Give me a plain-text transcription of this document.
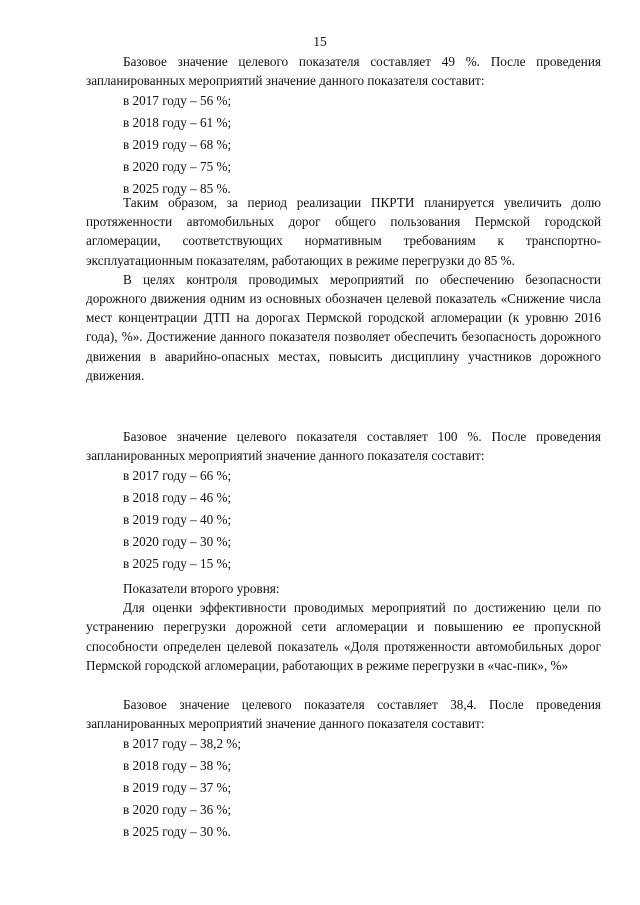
15

Базовое значение целевого показателя составляет 49 %. После проведения запланированных мероприятий значение данного показателя составит:

в 2017 году – 56 %;

в 2018 году – 61 %;

в 2019 году – 68 %;

в 2020 году – 75 %;

в 2025 году – 85 %.

Таким образом, за период реализации ПКРТИ планируется увеличить долю протяженности автомобильных дорог общего пользования Пермской городской агломерации, соответствующих нормативным требованиям к транспортно-эксплуатационным показателям, работающих в режиме перегрузки до 85 %.

В целях контроля проводимых мероприятий по обеспечению безопасности дорожного движения одним из основных обозначен целевой показатель «Снижение числа мест концентрации ДТП на дорогах Пермской городской агломерации (к уровню 2016 года), %». Достижение данного показателя позволяет обеспечить безопасность дорожного движения в аварийно-опасных местах, повысить дисциплину участников дорожного движения.

Базовое значение целевого показателя составляет 100 %. После проведения запланированных мероприятий значение данного показателя составит:

в 2017 году – 66 %;

в 2018 году – 46 %;

в 2019 году – 40 %;

в 2020 году – 30 %;

в 2025 году – 15 %;

Показатели второго уровня:

Для оценки эффективности проводимых мероприятий по достижению цели по устранению перегрузки дорожной сети агломерации и повышению ее пропускной способности определен целевой показатель «Доля протяженности автомобильных дорог Пермской городской агломерации, работающих в режиме перегрузки в «час-пик», %»

Базовое значение целевого показателя составляет 38,4. После проведения запланированных мероприятий значение данного показателя составит:

в 2017 году – 38,2 %;

в 2018 году – 38 %;

в 2019 году – 37 %;

в 2020 году – 36 %;

в 2025 году – 30 %.
